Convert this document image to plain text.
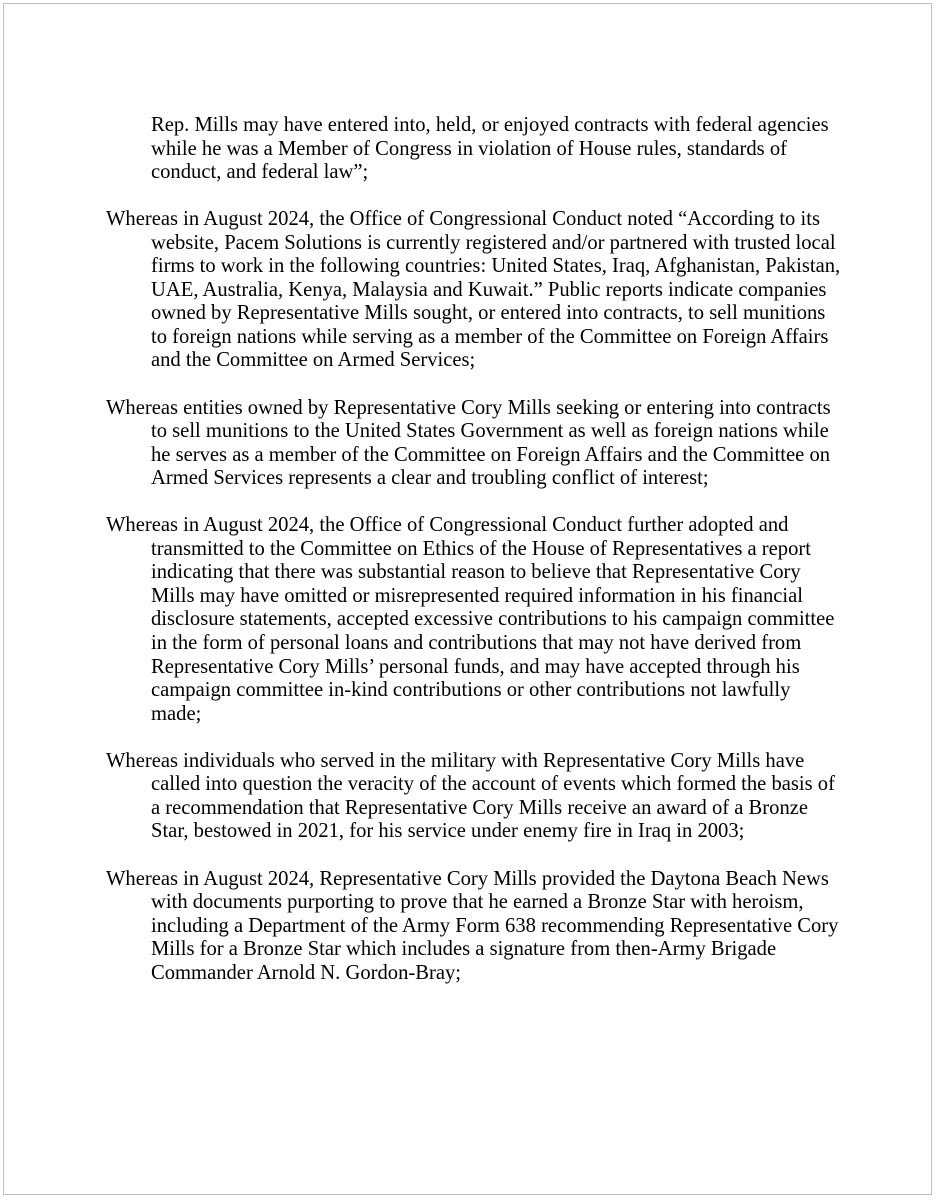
Rep. Mills may have entered into, held, or enjoyed contracts with federal agencies while he was a Member of Congress in violation of House rules, standards of conduct, and federal law”;

Whereas in August 2024, the Office of Congressional Conduct noted “According to its website, Pacem Solutions is currently registered and/or partnered with trusted local firms to work in the following countries: United States, Iraq, Afghanistan, Pakistan, UAE, Australia, Kenya, Malaysia and Kuwait.” Public reports indicate companies owned by Representative Mills sought, or entered into contracts, to sell munitions to foreign nations while serving as a member of the Committee on Foreign Affairs and the Committee on Armed Services;

Whereas entities owned by Representative Cory Mills seeking or entering into contracts to sell munitions to the United States Government as well as foreign nations while he serves as a member of the Committee on Foreign Affairs and the Committee on Armed Services represents a clear and troubling conflict of interest;

Whereas in August 2024, the Office of Congressional Conduct further adopted and transmitted to the Committee on Ethics of the House of Representatives a report indicating that there was substantial reason to believe that Representative Cory Mills may have omitted or misrepresented required information in his financial disclosure statements, accepted excessive contributions to his campaign committee in the form of personal loans and contributions that may not have derived from Representative Cory Mills’ personal funds, and may have accepted through his campaign committee in-kind contributions or other contributions not lawfully made;

Whereas individuals who served in the military with Representative Cory Mills have called into question the veracity of the account of events which formed the basis of a recommendation that Representative Cory Mills receive an award of a Bronze Star, bestowed in 2021, for his service under enemy fire in Iraq in 2003;

Whereas in August 2024, Representative Cory Mills provided the Daytona Beach News with documents purporting to prove that he earned a Bronze Star with heroism, including a Department of the Army Form 638 recommending Representative Cory Mills for a Bronze Star which includes a signature from then-Army Brigade Commander Arnold N. Gordon-Bray;
